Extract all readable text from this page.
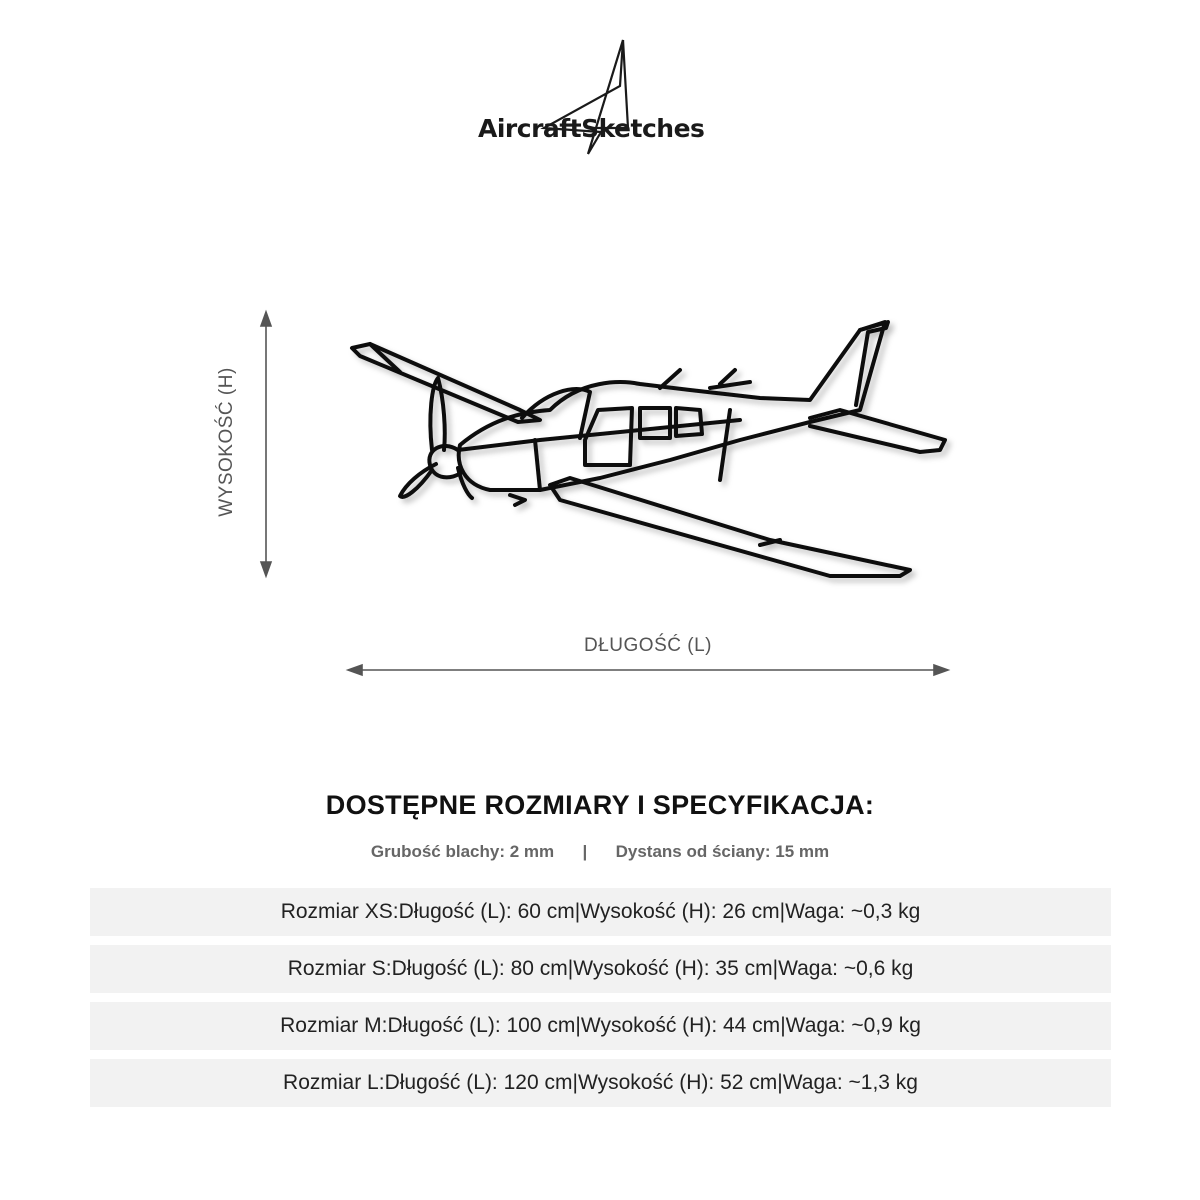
AircraftSketches
WYSOKOŚĆ (H)
DŁUGOŚĆ (L)
DOSTĘPNE ROZMIARY I SPECYFIKACJA:
Grubość blachy: 2 mm | Dystans od ściany: 15 mm
Rozmiar XS: Długość (L): 60 cm | Wysokość (H): 26 cm | Waga: ~0,3 kg
Rozmiar S: Długość (L): 80 cm | Wysokość (H): 35 cm | Waga: ~0,6 kg
Rozmiar M: Długość (L): 100 cm | Wysokość (H): 44 cm | Waga: ~0,9 kg
Rozmiar L: Długość (L): 120 cm | Wysokość (H): 52 cm | Waga: ~1,3 kg
